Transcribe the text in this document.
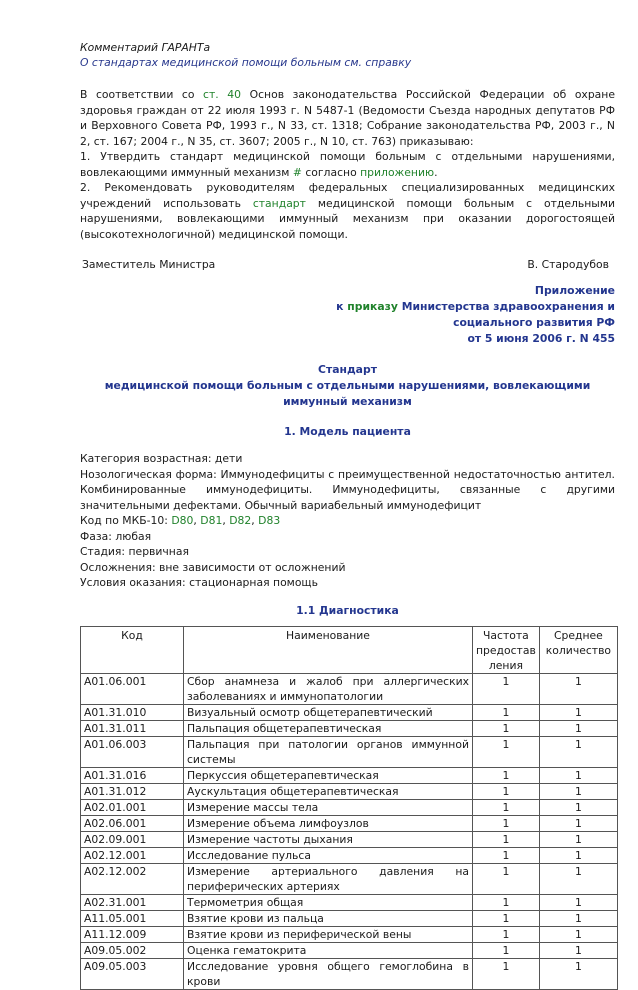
Комментарий ГАРАНТа
О стандартах медицинской помощи больным см. справку

В соответствии со ст. 40 Основ законодательства Российской Федерации об охране здоровья граждан от 22 июля 1993 г. N 5487-1 (Ведомости Съезда народных депутатов РФ и Верховного Совета РФ, 1993 г., N 33, ст. 1318; Собрание законодательства РФ, 2003 г., N 2, ст. 167; 2004 г., N 35, ст. 3607; 2005 г., N 10, ст. 763) приказываю:

1. Утвердить стандарт медицинской помощи больным с отдельными нарушениями, вовлекающими иммунный механизм # согласно приложению.

2. Рекомендовать руководителям федеральных специализированных медицинских учреждений использовать стандарт медицинской помощи больным с отдельными нарушениями, вовлекающими иммунный механизм при оказании дорогостоящей (высокотехнологичной) медицинской помощи.

Заместитель Министра	В. Стародубов
Приложение
к приказу Министерства здравоохранения и
социального развития РФ
от 5 июня 2006 г. N 455
Стандарт
медицинской помощи больным с отдельными нарушениями, вовлекающими иммунный механизм
1. Модель пациента
Категория возрастная: дети
Нозологическая форма: Иммунодефициты с преимущественной недостаточностью антител. Комбинированные иммунодефициты. Иммунодефициты, связанные с другими значительными дефектами. Обычный вариабельный иммунодефицит
Код по МКБ-10: D80, D81, D82, D83
Фаза: любая
Стадия: первичная
Осложнения: вне зависимости от осложнений
Условия оказания: стационарная помощь
1.1 Диагностика
Код	Наименование	Частота предостав ления	Среднее количество
A01.06.001	Сбор анамнеза и жалоб при аллергических заболеваниях и иммунопатологии	1	1
A01.31.010	Визуальный осмотр общетерапевтический	1	1
A01.31.011	Пальпация общетерапевтическая	1	1
A01.06.003	Пальпация при патологии органов иммунной системы	1	1
A01.31.016	Перкуссия общетерапевтическая	1	1
A01.31.012	Аускультация общетерапевтическая	1	1
A02.01.001	Измерение массы тела	1	1
A02.06.001	Измерение объема лимфоузлов	1	1
A02.09.001	Измерение частоты дыхания	1	1
A02.12.001	Исследование пульса	1	1
A02.12.002	Измерение артериального давления на периферических артериях	1	1
A02.31.001	Термометрия общая	1	1
A11.05.001	Взятие крови из пальца	1	1
A11.12.009	Взятие крови из периферической вены	1	1
A09.05.002	Оценка гематокрита	1	1
A09.05.003	Исследование уровня общего гемоглобина в крови	1	1
